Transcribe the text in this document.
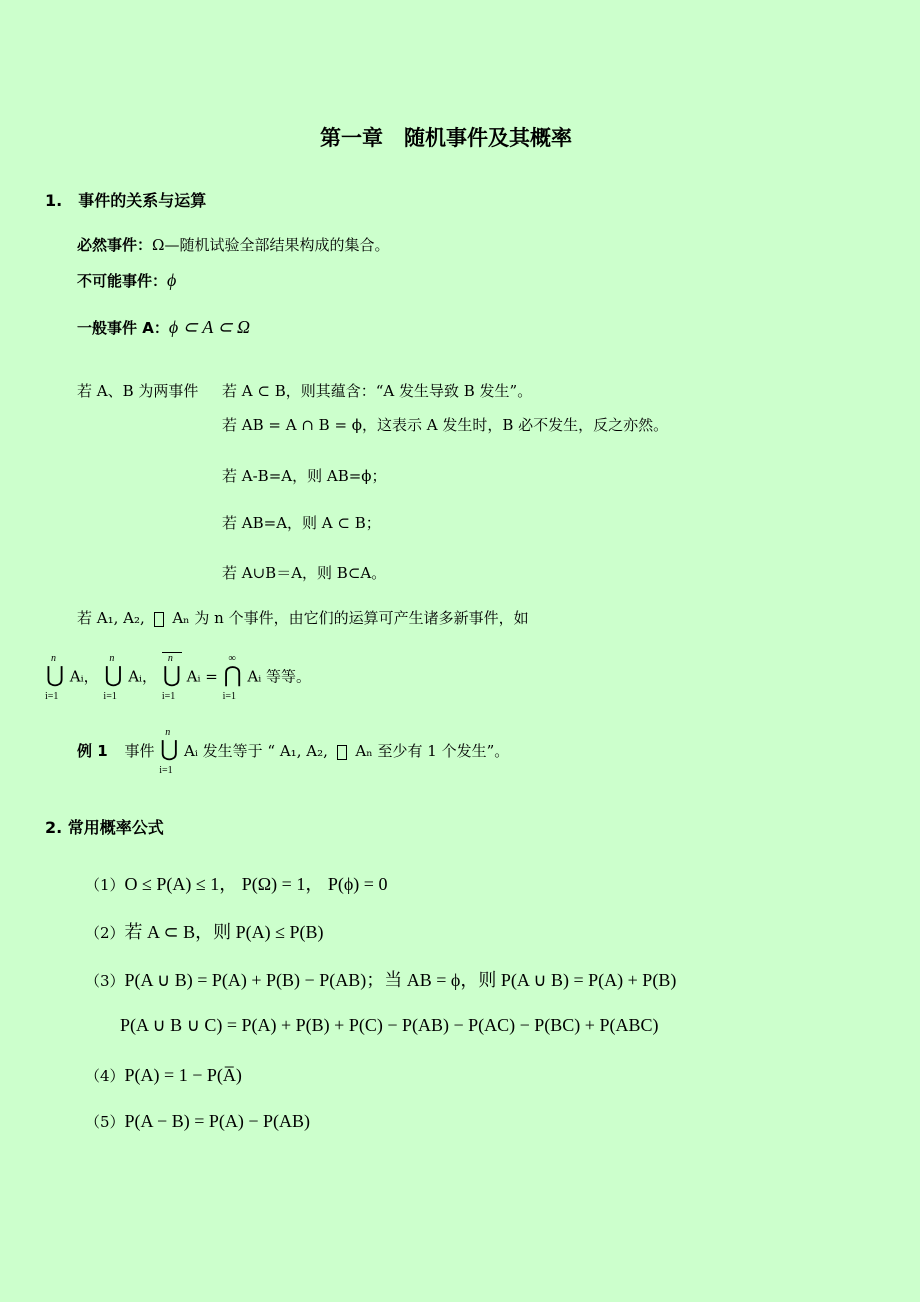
第一章　随机事件及其概率
1.　事件的关系与运算
必然事件：Ω—随机试验全部结果构成的集合。
不可能事件：ϕ
一般事件 A：ϕ ⊂ A ⊂ Ω
若 A、B 为两事件 若 A ⊂ B，则其蕴含：“A 发生导致 B 发生”。
若 AB = A ∩ B = ϕ，这表示 A 发生时，B 必不发生，反之亦然。
若 A-B=A，则 AB=ϕ；
若 AB=A，则 A ⊂ B；
若 A∪B＝A，则 B⊂A。
若 A₁, A₂, Aₙ 为 n 个事件，由它们的运算可产生诸多新事件，如
n
⋃
i=1
Aᵢ，
n
⋃
i=1
Aᵢ，
n
⋃
i=1
Aᵢ =
∞
⋂
i=1
Aᵢ 等等。
例 1 事件
n
⋃
i=1
Aᵢ 发生等于 “ A₁, A₂, Aₙ 至少有 1 个发生”。
2. 常用概率公式
（1）O ≤ P(A) ≤ 1， P(Ω) = 1， P(ϕ) = 0
（2）若 A ⊂ B，则 P(A) ≤ P(B)
（3）P(A ∪ B) = P(A) + P(B) − P(AB)；当 AB = ϕ，则 P(A ∪ B) = P(A) + P(B)
P(A ∪ B ∪ C) = P(A) + P(B) + P(C) − P(AB) − P(AC) − P(BC) + P(ABC)
（4）P(A) = 1 − P(A̅)
（5）P(A − B) = P(A) − P(AB)
